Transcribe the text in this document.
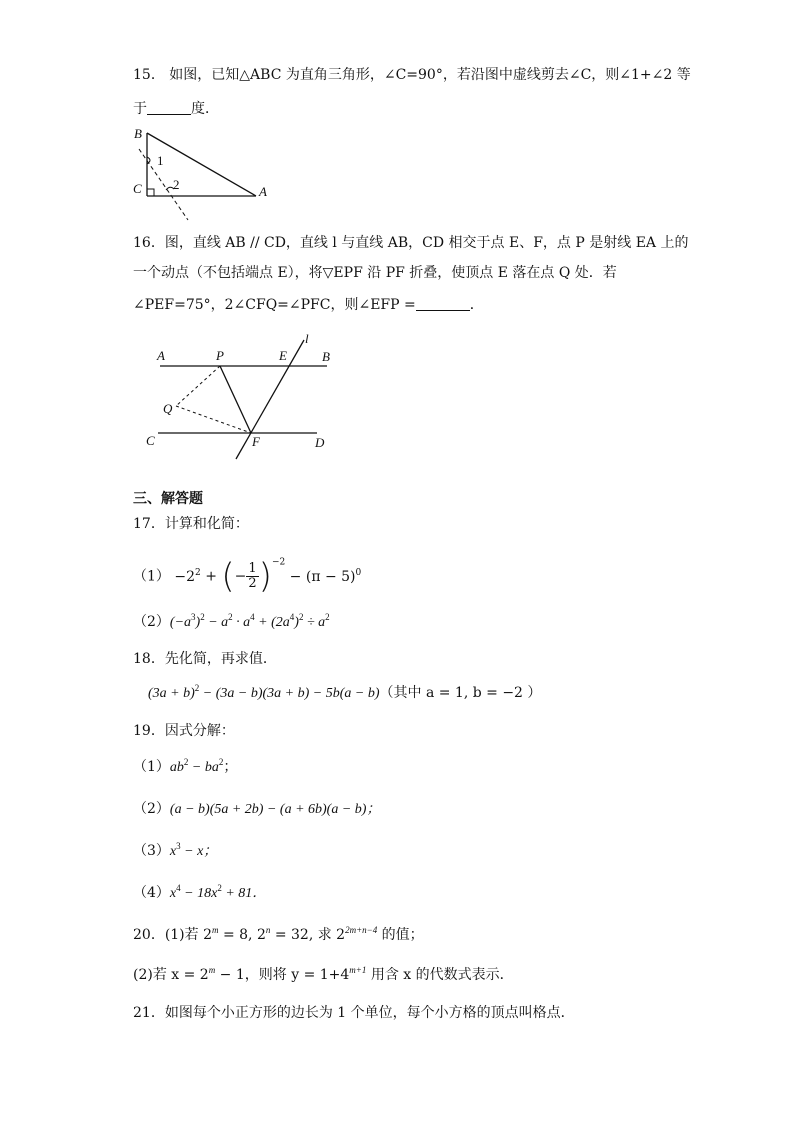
15． 如图，已知△ABC 为直角三角形，∠C=90°，若沿图中虚线剪去∠C，则∠1+∠2 等
于	度．
B
1
C 2	A
16．图，直线 AB // CD，直线 l 与直线 AB，CD 相交于点 E、F，点 P 是射线 EA 上的
一个动点（不包括端点 E），将▽EPF 沿 PF 折叠，使顶点 E 落在点 Q 处．若
∠PEF=75°，2∠CFQ=∠PFC，则∠EFP =	．
A	P	E
l
B
Q
C	F	D
三、解答题
17．计算和化简：
$(1) -2^2$ + (− $\frac{1}{2} )^{-2} - (\pi - 5)^0$
$(2)(-a^3)^2 - a^2 \cdot a^4 + (2a^4)^2 \div a^2$
18．先化简，再求值．
$(3a + b)^2 - (3a - b)(3a + b) - 5b(a - b)$（其中 a = 1, b = −2 ）
19．因式分解：
$(1)ab^2 - ba^2$；
（2）(a − b)(5a + 2b) − (a + 6b)(a − b)；
$(3)x^3 - x$；
$(4)x^4 - 18x^2 + 81$．
20．(1)若 $2^m = 8$, $2^n = 32$, 求 $2^{2m+n-4}$ 的值；
(2)若 $x = 2^m - 1$，则将 $y = 1+4^{m+1}$ 用含 x 的代数式表示．
21．如图每个小正方形的边长为 1 个单位，每个小方格的顶点叫格点．
